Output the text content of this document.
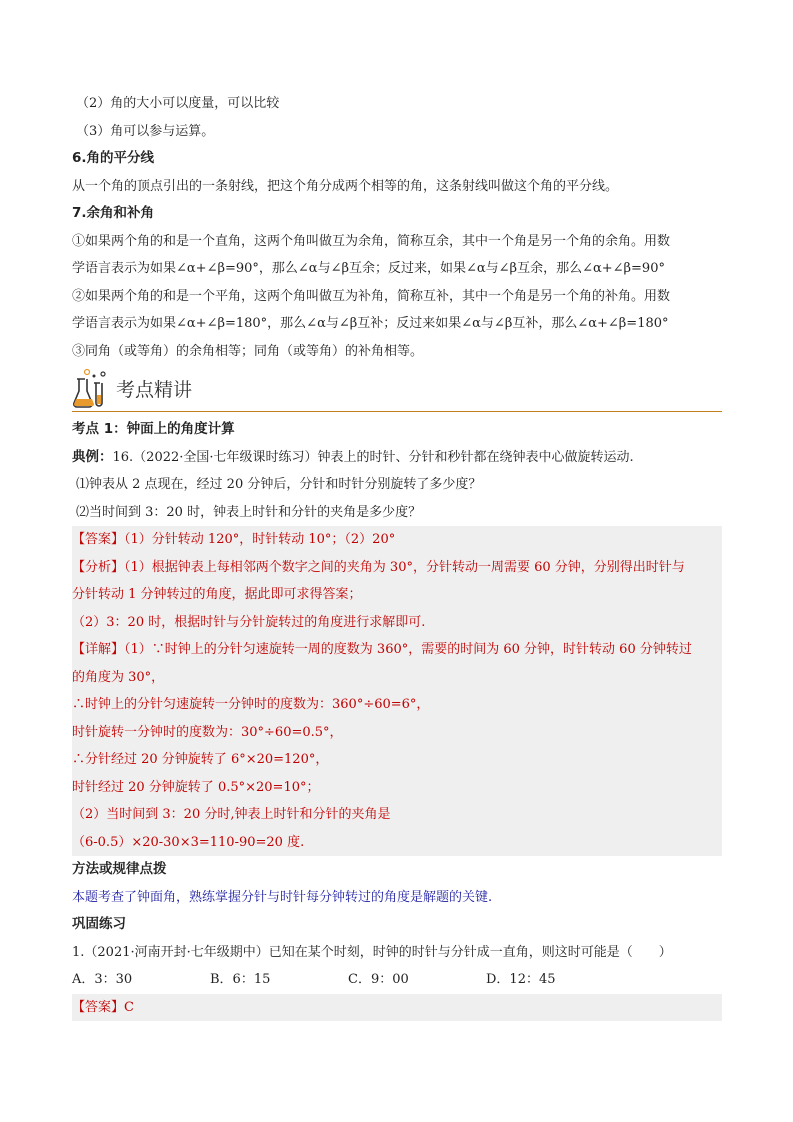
（2）角的大小可以度量，可以比较
（3）角可以参与运算。
6.角的平分线
从一个角的顶点引出的一条射线，把这个角分成两个相等的角，这条射线叫做这个角的平分线。
7.余角和补角
①如果两个角的和是一个直角，这两个角叫做互为余角，简称互余，其中一个角是另一个角的余角。用数
学语言表示为如果∠α+∠β=90°，那么∠α与∠β互余；反过来，如果∠α与∠β互余，那么∠α+∠β=90°
②如果两个角的和是一个平角，这两个角叫做互为补角，简称互补，其中一个角是另一个角的补角。用数
学语言表示为如果∠α+∠β=180°，那么∠α与∠β互补；反过来如果∠α与∠β互补，那么∠α+∠β=180°
③同角（或等角）的余角相等；同角（或等角）的补角相等。
考点精讲
考点 1：钟面上的角度计算
典例：16.（2022·全国·七年级课时练习）钟表上的时针、分针和秒针都在绕钟表中心做旋转运动.
⑴钟表从 2 点现在，经过 20 分钟后，分针和时针分别旋转了多少度？
⑵当时间到 3：20 时，钟表上时针和分针的夹角是多少度？
【答案】（1）分针转动 120°，时针转动 10°；（2）20°
【分析】（1）根据钟表上每相邻两个数字之间的夹角为 30°，分针转动一周需要 60 分钟，分别得出时针与
分针转动 1 分钟转过的角度，据此即可求得答案；
（2）3：20 时，根据时针与分针旋转过的角度进行求解即可.
【详解】（1）∵时钟上的分针匀速旋转一周的度数为 360°，需要的时间为 60 分钟，时针转动 60 分钟转过
的角度为 30°，
∴时钟上的分针匀速旋转一分钟时的度数为：360°÷60=6°，
时针旋转一分钟时的度数为：30°÷60=0.5°，
∴分针经过 20 分钟旋转了 6°×20=120°，
时针经过 20 分钟旋转了 0.5°×20=10°；
（2）当时间到 3：20 分时,钟表上时针和分针的夹角是
（6-0.5）×20-30×3=110-90=20 度.
方法或规律点拨
本题考查了钟面角，熟练掌握分针与时针每分钟转过的角度是解题的关键.
巩固练习
1.（2021·河南开封·七年级期中）已知在某个时刻，时钟的时针与分针成一直角，则这时可能是（　　）
A．3：30	B．6：15	C．9：00	D．12：45
【答案】C
